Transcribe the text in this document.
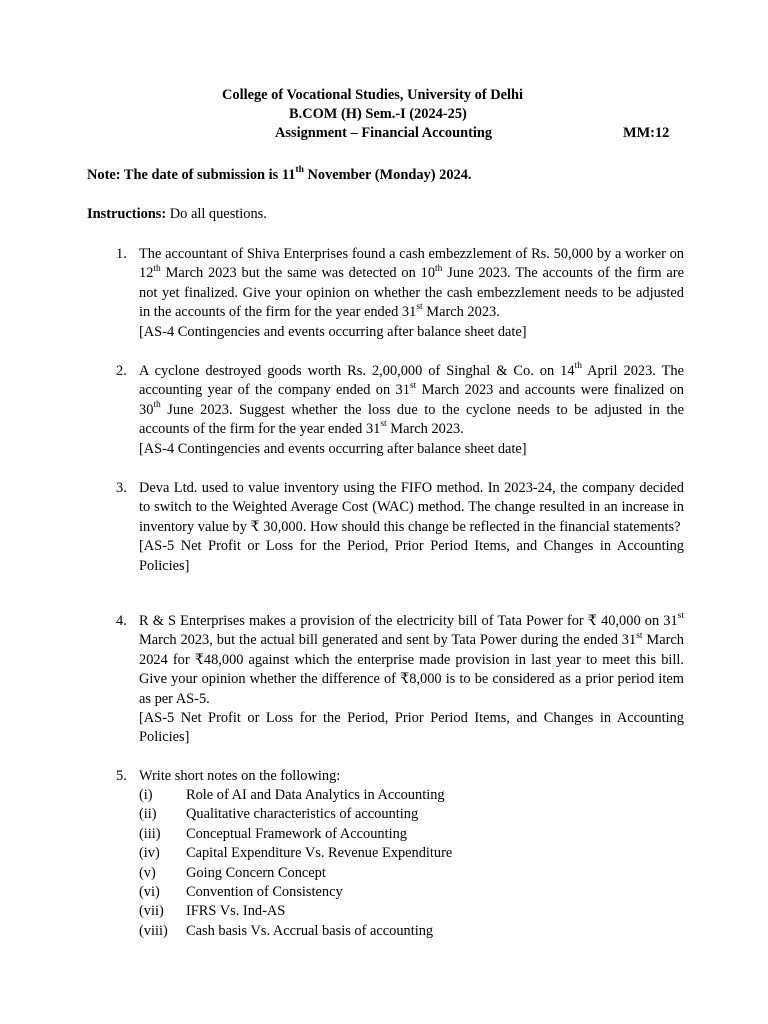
College of Vocational Studies, University of Delhi
B.COM (H) Sem.-I (2024-25)
Assignment – Financial Accounting	MM:12
Note: The date of submission is 11th November (Monday) 2024.
Instructions: Do all questions.
1. The accountant of Shiva Enterprises found a cash embezzlement of Rs. 50,000 by a worker on 12th March 2023 but the same was detected on 10th June 2023. The accounts of the firm are not yet finalized. Give your opinion on whether the cash embezzlement needs to be adjusted in the accounts of the firm for the year ended 31st March 2023.
[AS-4 Contingencies and events occurring after balance sheet date]
2. A cyclone destroyed goods worth Rs. 2,00,000 of Singhal & Co. on 14th April 2023. The accounting year of the company ended on 31st March 2023 and accounts were finalized on 30th June 2023. Suggest whether the loss due to the cyclone needs to be adjusted in the accounts of the firm for the year ended 31st March 2023.
[AS-4 Contingencies and events occurring after balance sheet date]
3. Deva Ltd. used to value inventory using the FIFO method. In 2023-24, the company decided to switch to the Weighted Average Cost (WAC) method. The change resulted in an increase in inventory value by ₹ 30,000. How should this change be reflected in the financial statements?
[AS-5 Net Profit or Loss for the Period, Prior Period Items, and Changes in Accounting Policies]
4. R & S Enterprises makes a provision of the electricity bill of Tata Power for ₹ 40,000 on 31st March 2023, but the actual bill generated and sent by Tata Power during the ended 31st March 2024 for ₹48,000 against which the enterprise made provision in last year to meet this bill. Give your opinion whether the difference of ₹8,000 is to be considered as a prior period item as per AS-5.
[AS-5 Net Profit or Loss for the Period, Prior Period Items, and Changes in Accounting Policies]
5. Write short notes on the following:
(i) Role of AI and Data Analytics in Accounting
(ii) Qualitative characteristics of accounting
(iii) Conceptual Framework of Accounting
(iv) Capital Expenditure Vs. Revenue Expenditure
(v) Going Concern Concept
(vi) Convention of Consistency
(vii) IFRS Vs. Ind-AS
(viii) Cash basis Vs. Accrual basis of accounting
